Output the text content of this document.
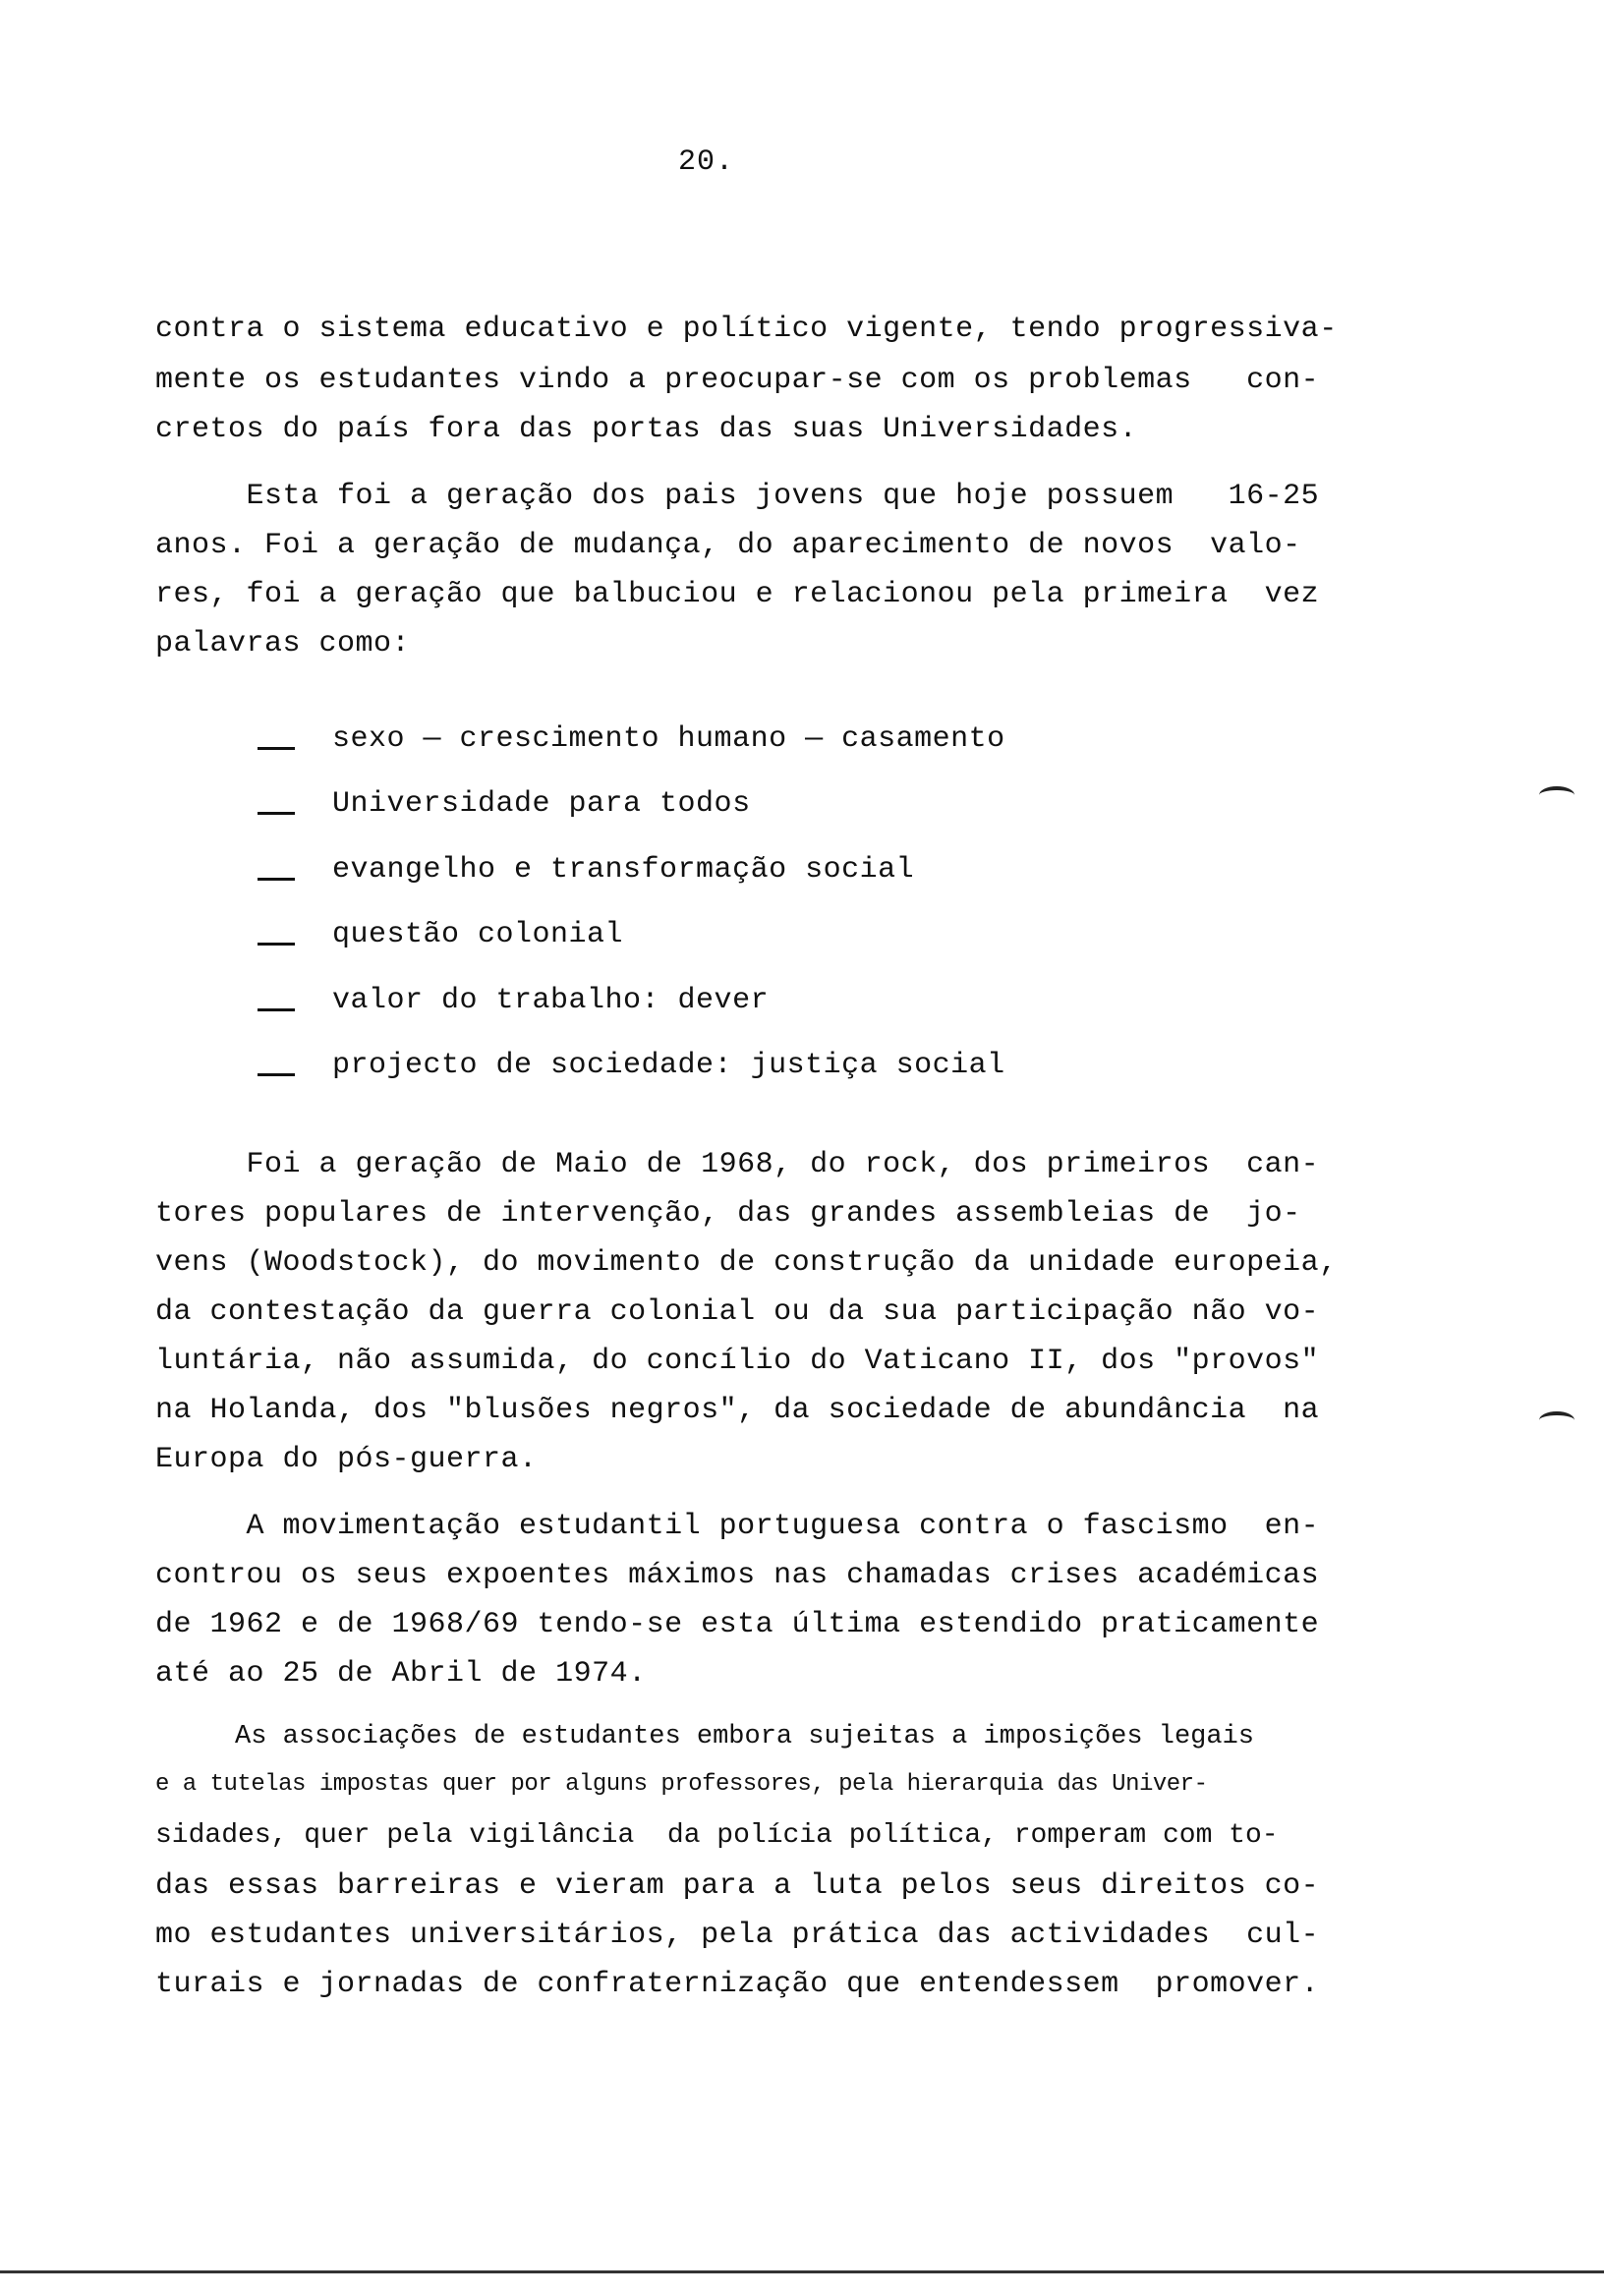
20.
contra o sistema educativo e político vigente, tendo progressiva-
mente os estudantes vindo a preocupar-se com os problemas   con-
cretos do país fora das portas das suas Universidades.
Esta foi a geração dos pais jovens que hoje possuem   16-25
anos. Foi a geração de mudança, do aparecimento de novos  valo-
res, foi a geração que balbuciou e relacionou pela primeira  vez
palavras como:
sexo — crescimento humano — casamento
Universidade para todos
evangelho e transformação social
questão colonial
valor do trabalho: dever
projecto de sociedade: justiça social
Foi a geração de Maio de 1968, do rock, dos primeiros  can-
tores populares de intervenção, das grandes assembleias de  jo-
vens (Woodstock), do movimento de construção da unidade europeia,
da contestação da guerra colonial ou da sua participação não vo-
luntária, não assumida, do concílio do Vaticano II, dos "provos"
na Holanda, dos "blusões negros", da sociedade de abundância  na
Europa do pós-guerra.
A movimentação estudantil portuguesa contra o fascismo  en-
controu os seus expoentes máximos nas chamadas crises académicas
de 1962 e de 1968/69 tendo-se esta última estendido praticamente
até ao 25 de Abril de 1974.
As associações de estudantes embora sujeitas a imposições legais
e a tutelas impostas quer por alguns professores, pela hierarquia das Univer-
sidades, quer pela vigilância  da polícia política, romperam com to-
das essas barreiras e vieram para a luta pelos seus direitos co-
mo estudantes universitários, pela prática das actividades  cul-
turais e jornadas de confraternização que entendessem  promover.
